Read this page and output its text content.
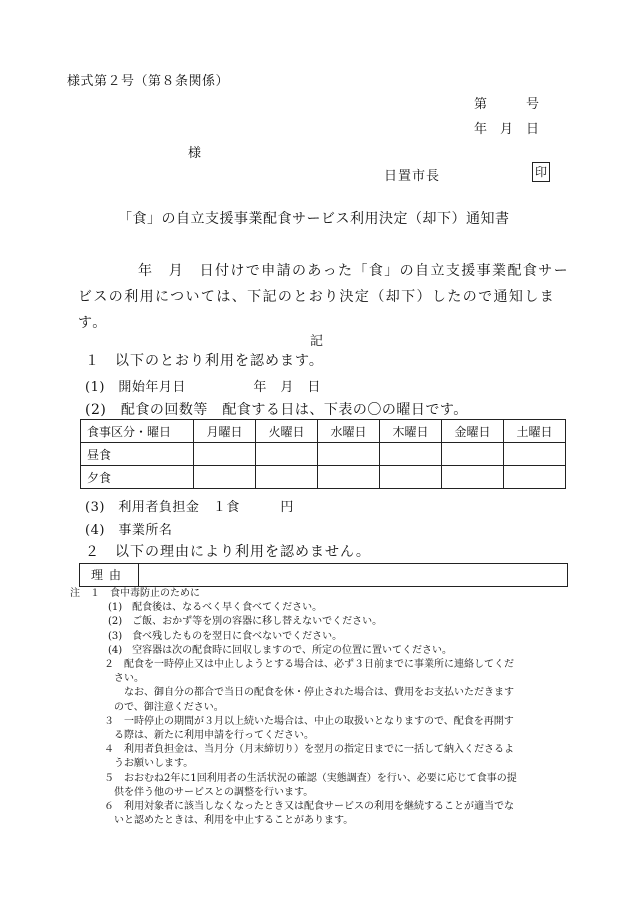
様式第２号（第８条関係）
第　　　号
年　月　日
様
日置市長	印
「食」の自立支援事業配食サービス利用決定（却下）通知書
年　月　日付けで申請のあった「食」の自立支援事業配食サー
ビスの利用については、下記のとおり決定（却下）したので通知します。
記
１　以下のとおり利用を認めます。
(1)　開始年月日　　　　　年　月　日
(2)　配食の回数等　配食する日は、下表の〇の曜日です。
食事区分・曜日	月曜日	火曜日	水曜日	木曜日	金曜日	土曜日
昼食						
夕食						
(3)　利用者負担金　１食　　　円
(4)　事業所名
２　以下の理由により利用を認めません。
理由
注　１　食中毒防止のために
(1)　配食後は、なるべく早く食べてください。
(2)　ご飯、おかず等を別の容器に移し替えないでください。
(3)　食べ残したものを翌日に食べないでください。
(4)　空容器は次の配食時に回収しますので、所定の位置に置いてください。
２　配食を一時停止又は中止しようとする場合は、必ず３日前までに事業所に連絡してくだ
さい。
なお、御自分の都合で当日の配食を休・停止された場合は、費用をお支払いただきます
ので、御注意ください。
３　一時停止の期間が３月以上続いた場合は、中止の取扱いとなりますので、配食を再開す
る際は、新たに利用申請を行ってください。
４　利用者負担金は、当月分（月末締切り）を翌月の指定日までに一括して納入くださるよ
うお願いします。
５　おおむね2年に1回利用者の生活状況の確認（実態調査）を行い、必要に応じて食事の提
供を伴う他のサービスとの調整を行います。
６　利用対象者に該当しなくなったとき又は配食サービスの利用を継続することが適当でな
いと認めたときは、利用を中止することがあります。
